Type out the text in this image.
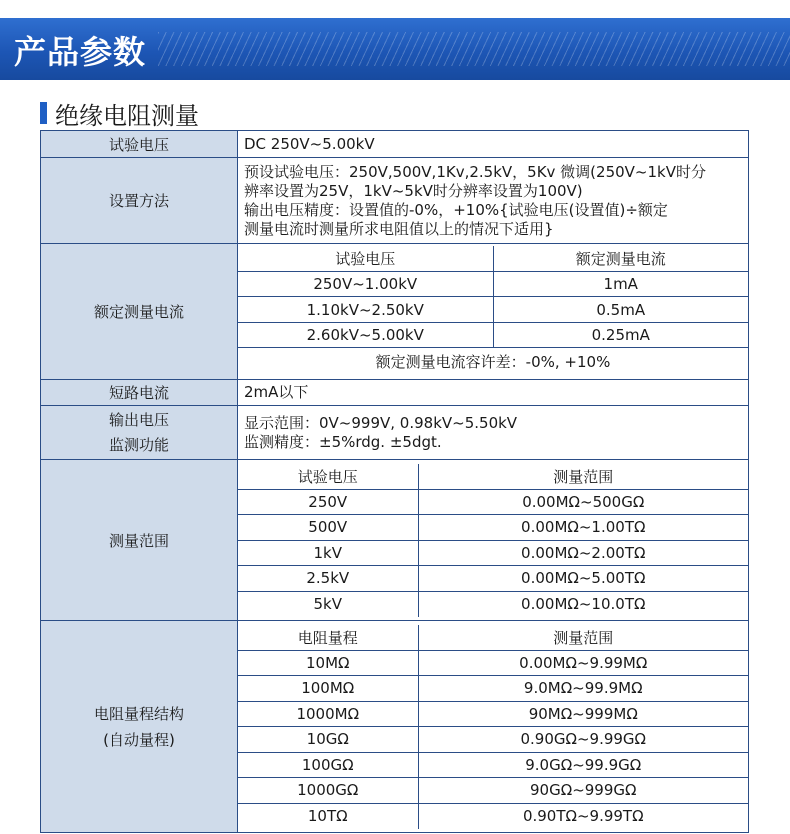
产品参数
绝缘电阻测量
试验电压	DC 250V~5.00kV
设置方法	
预设试验电压：250V,500V,1Kv,2.5kV，5Kv 微调(250V~1kV时分
辨率设置为25V，1kV~5kV时分辨率设置为100V)
输出电压精度：设置值的-0%，+10%{试验电压(设置值)÷额定
测量电流时测量所求电阻值以上的情况下适用}

额定测量电流	
试验电压	额定测量电流
250V~1.00kV	1mA
1.10kV~2.50kV	0.5mA
2.60kV~5.00kV	0.25mA
额定测量电流容许差：-0%, +10%

短路电流	2mA以下

输出电压
监测功能

显示范围：0V~999V, 0.98kV~5.50kV
监测精度：±5%rdg. ±5dgt.

测量范围	
试验电压	测量范围
250V	0.00MΩ~500GΩ
500V	0.00MΩ~1.00TΩ
1kV	0.00MΩ~2.00TΩ
2.5kV	0.00MΩ~5.00TΩ
5kV	0.00MΩ~10.0TΩ

电阻量程结构
(自动量程)

电阻量程	测量范围
10MΩ	0.00MΩ~9.99MΩ
100MΩ	9.0MΩ~99.9MΩ
1000MΩ	90MΩ~999MΩ
10GΩ	0.90GΩ~9.99GΩ
100GΩ	9.0GΩ~99.9GΩ
1000GΩ	90GΩ~999GΩ
10TΩ	0.90TΩ~9.99TΩ
